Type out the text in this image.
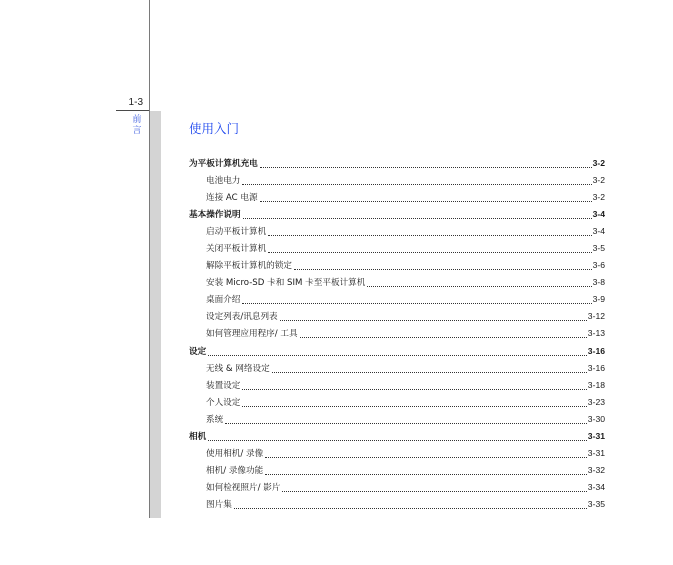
1-3
前言	使用入门
为平板计算机充电	3-2
电池电力	3-2
连接 AC 电源	3-2
基本操作说明	3-4
启动平板计算机	3-4
关闭平板计算机	3-5
解除平板计算机的锁定	3-6
安装 Micro-SD 卡和 SIM 卡至平板计算机	3-8
桌面介绍	3-9
设定列表/讯息列表	3-12
如何管理应用程序/ 工具	3-13
设定	3-16
无线 & 网络设定	3-16
装置设定	3-18
个人设定	3-23
系统	3-30
相机	3-31
使用相机/ 录像	3-31
相机/ 录像功能	3-32
如何检视照片/ 影片	3-34
图片集	3-35
